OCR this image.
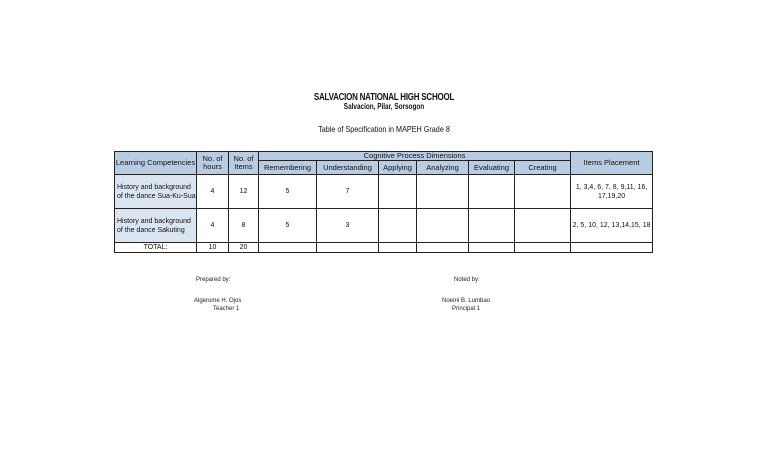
SALVACION NATIONAL HIGH SCHOOL
Salvacion, Pilar, Sorsogon
Table of Specification in MAPEH Grade 8
Learning Competencies	No. of hours	No. of Items	Cognitive Process Dimensions						Items Placement
			Remembering	Understanding	Applying	Analyzing	Evaluating	Creating	
History and background of the dance Sua-Ku-Sua	4	12	5	7					1, 3,4, 6, 7, 8, 9,11, 16, 17,19,20
History and background of the dance Sakuting	4	8	5	3					2, 5, 10, 12, 13,14,15, 18
TOTAL:	10	20							
Prepared by:
Algerome H. Ojos
Teacher 1
Noted by:
Noemi B. Lumbao
Principal 1
